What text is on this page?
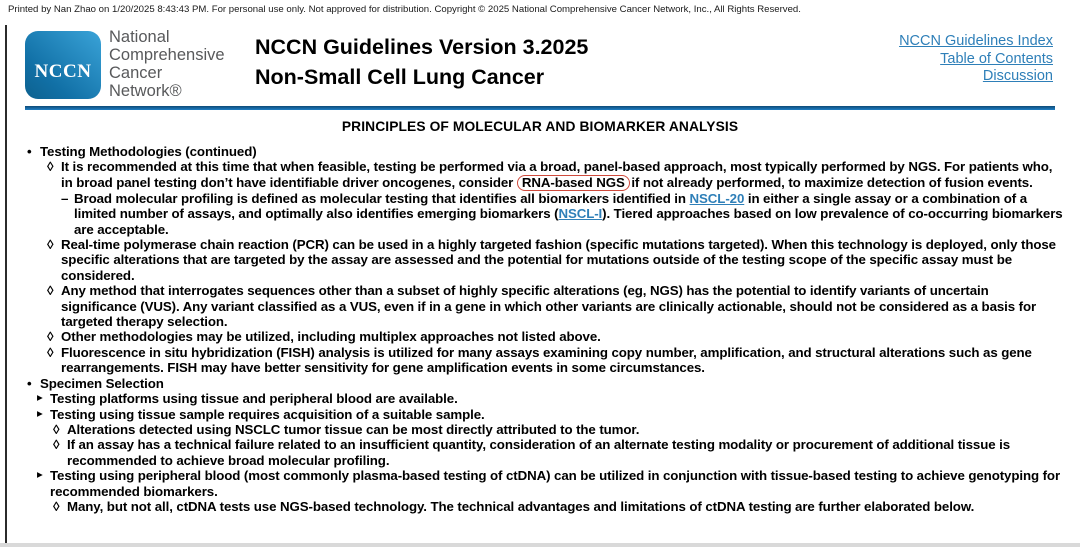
Printed by Nan Zhao on 1/20/2025 8:43:43 PM. For personal use only. Not approved for distribution. Copyright © 2025 National Comprehensive Cancer Network, Inc., All Rights Reserved.
NCCN
National
Comprehensive
Cancer
Network®
NCCN Guidelines Version 3.2025
Non-Small Cell Lung Cancer
NCCN Guidelines Index
Table of Contents
Discussion
PRINCIPLES OF MOLECULAR AND BIOMARKER ANALYSIS
• Testing Methodologies (continued)
◊ It is recommended at this time that when feasible, testing be performed via a broad, panel-based approach, most typically performed by NGS. For patients who, in broad panel testing don’t have identifiable driver oncogenes, consider RNA-based NGS if not already performed, to maximize detection of fusion events.
– Broad molecular profiling is defined as molecular testing that identifies all biomarkers identified in NSCL-20 in either a single assay or a combination of a limited number of assays, and optimally also identifies emerging biomarkers (NSCL-I). Tiered approaches based on low prevalence of co-occurring biomarkers are acceptable.
◊ Real-time polymerase chain reaction (PCR) can be used in a highly targeted fashion (specific mutations targeted). When this technology is deployed, only those specific alterations that are targeted by the assay are assessed and the potential for mutations outside of the testing scope of the specific assay must be considered.
◊ Any method that interrogates sequences other than a subset of highly specific alterations (eg, NGS) has the potential to identify variants of uncertain significance (VUS). Any variant classified as a VUS, even if in a gene in which other variants are clinically actionable, should not be considered as a basis for targeted therapy selection.
◊ Other methodologies may be utilized, including multiplex approaches not listed above.
◊ Fluorescence in situ hybridization (FISH) analysis is utilized for many assays examining copy number, amplification, and structural alterations such as gene rearrangements. FISH may have better sensitivity for gene amplification events in some circumstances.
• Specimen Selection
▸ Testing platforms using tissue and peripheral blood are available.
▸ Testing using tissue sample requires acquisition of a suitable sample.
◊ Alterations detected using NSCLC tumor tissue can be most directly attributed to the tumor.
◊ If an assay has a technical failure related to an insufficient quantity, consideration of an alternate testing modality or procurement of additional tissue is recommended to achieve broad molecular profiling.
▸ Testing using peripheral blood (most commonly plasma-based testing of ctDNA) can be utilized in conjunction with tissue-based testing to achieve genotyping for recommended biomarkers.
◊ Many, but not all, ctDNA tests use NGS-based technology. The technical advantages and limitations of ctDNA testing are further elaborated below.
